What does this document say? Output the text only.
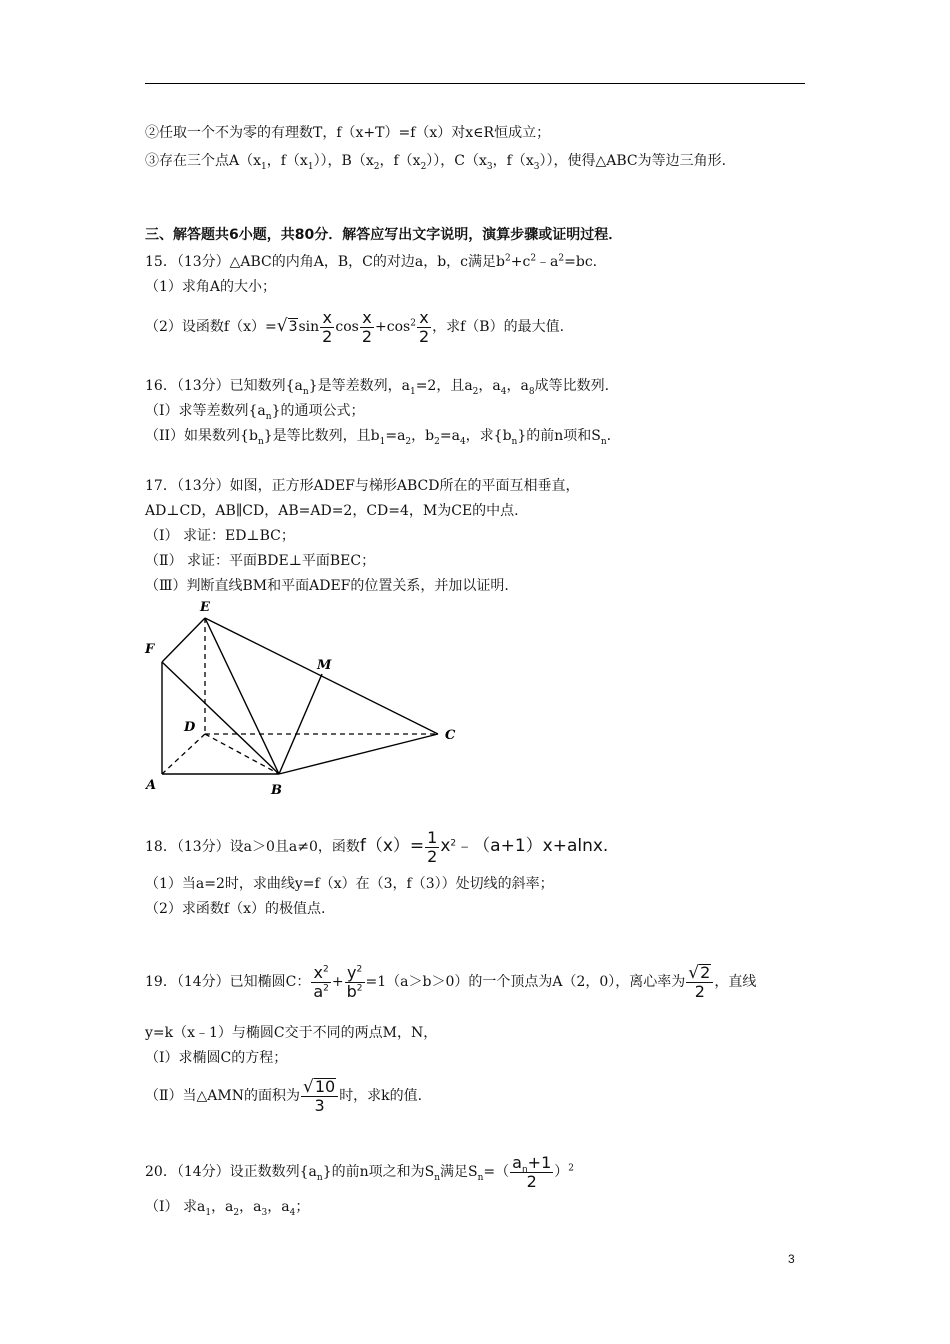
②任取一个不为零的有理数T，f（x+T）=f（x）对x∈R恒成立；
③存在三个点$A(x_1$，$f(x_1)$），$B(x_2$，$f(x_2)$），$C(x_3$，$f(x_3)$），使得△ABC为等边三角形.
三、解答题共6小题，共80分．解答应写出文字说明，演算步骤或证明过程．
15．（13分）△ABC的内角A，B，C的对边a，b，c满足$b^2+c^2﹣a^2=bc$.
（1）求角A的大小；
（2）设函数$f(x)=√3\sin \frac{x}{2}$ $\cos \frac{x}{2} +\cos^2 \frac{x}{2}$ ，求f（B）的最大值.
16．（13分）已知数列$\{a_n\}$是等差数列，$a_1=2$，且$a_2$，$a_4$，$a_8$成等比数列.
（Ⅰ）求等差数列$\{a_n\}$的通项公式；
（II）如果数列$\{b_n\}$是等比数列，且$b_1=a_2$，$b_2=a_4$，求$\{b_n\}$的前n项和$S_n$.
17．（13分）如图，正方形ADEF与梯形ABCD所在的平面互相垂直，
AD⊥CD，AB∥CD，AB=AD=2，CD=4，M为CE的中点.
（Ⅰ） 求证：ED⊥BC；
（Ⅱ） 求证：平面BDE⊥平面BEC；
（Ⅲ）判断直线BM和平面ADEF的位置关系，并加以证明.
E
F
M
D
C
A	B
18．（13分）设a＞0且a≠0，函数$f(x)= \frac{1}{2}$ $x^2﹣(a+1)x+alnx$.
（1）当a=2时，求曲线y=f（x）在（3，f（3））处切线的斜率；
（2）求函数f（x）的极值点.
19．（14分）已知椭圆C： $\frac{x^2}{a^2} + \frac{y^2}{b^2} =1(a>b>0)$的一个顶点为A（2，0），离心率为 $\frac{√2}{2}$ ，直线
y=k（x﹣1）与椭圆C交于不同的两点M，N，
（Ⅰ）求椭圆C的方程；
（Ⅱ）当△AMN的面积为 $\frac{√10}{3}$ 时，求k的值.
20．（14分）设正数数列$\{a_n\}$的前n项之和为$S_n$满足$S_n=( \frac{a_n+1}{2} )^2$
（Ⅰ） 求$a_1$，$a_2$，$a_3$，$a_4$；
3
